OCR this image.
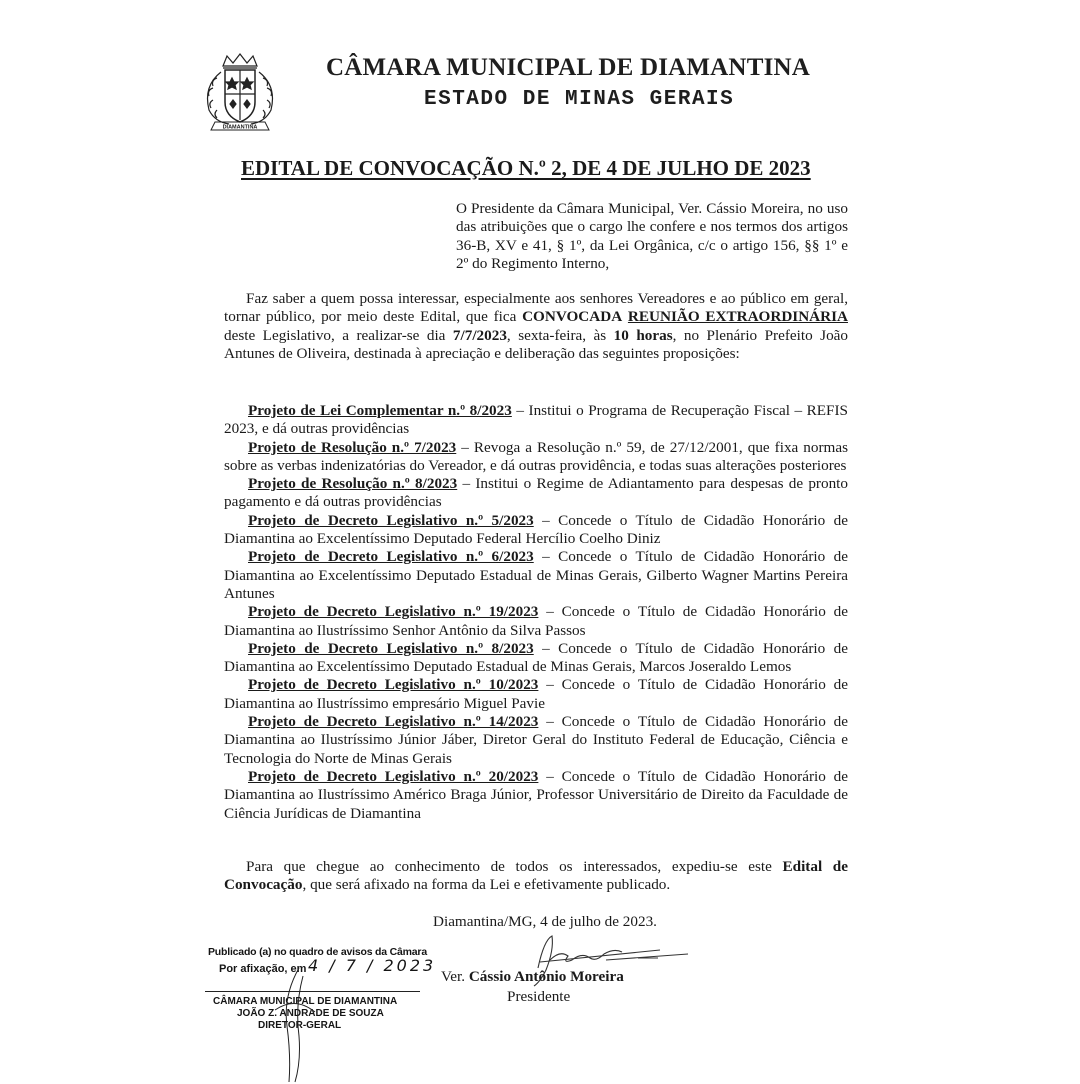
DIAMANTINA
CÂMARA MUNICIPAL DE DIAMANTINA
ESTADO DE MINAS GERAIS
EDITAL DE CONVOCAÇÃO N.º 2, DE 4 DE JULHO DE 2023
O Presidente da Câmara Municipal, Ver. Cássio Moreira, no uso das atribuições que o cargo lhe confere e nos termos dos artigos 36-B, XV e 41, § 1º, da Lei Orgânica, c/c o artigo 156, §§ 1º e 2º do Regimento Interno,
Faz saber a quem possa interessar, especialmente aos senhores Vereadores e ao público em geral, tornar público, por meio deste Edital, que fica CONVOCADA REUNIÃO EXTRAORDINÁRIA deste Legislativo, a realizar-se dia 7/7/2023, sexta-feira, às 10 horas, no Plenário Prefeito João Antunes de Oliveira, destinada à apreciação e deliberação das seguintes proposições:

Projeto de Lei Complementar n.º 8/2023 – Institui o Programa de Recuperação Fiscal – REFIS 2023, e dá outras providências

Projeto de Resolução n.º 7/2023 – Revoga a Resolução n.º 59, de 27/12/2001, que fixa normas sobre as verbas indenizatórias do Vereador, e dá outras providência, e todas suas alterações posteriores

Projeto de Resolução n.º 8/2023 – Institui o Regime de Adiantamento para despesas de pronto pagamento e dá outras providências

Projeto de Decreto Legislativo n.º 5/2023 – Concede o Título de Cidadão Honorário de Diamantina ao Excelentíssimo Deputado Federal Hercílio Coelho Diniz

Projeto de Decreto Legislativo n.º 6/2023 – Concede o Título de Cidadão Honorário de Diamantina ao Excelentíssimo Deputado Estadual de Minas Gerais, Gilberto Wagner Martins Pereira Antunes

Projeto de Decreto Legislativo n.º 19/2023 – Concede o Título de Cidadão Honorário de Diamantina ao Ilustríssimo Senhor Antônio da Silva Passos

Projeto de Decreto Legislativo n.º 8/2023 – Concede o Título de Cidadão Honorário de Diamantina ao Excelentíssimo Deputado Estadual de Minas Gerais, Marcos Joseraldo Lemos

Projeto de Decreto Legislativo n.º 10/2023 – Concede o Título de Cidadão Honorário de Diamantina ao Ilustríssimo empresário Miguel Pavie

Projeto de Decreto Legislativo n.º 14/2023 – Concede o Título de Cidadão Honorário de Diamantina ao Ilustríssimo Júnior Jáber, Diretor Geral do Instituto Federal de Educação, Ciência e Tecnologia do Norte de Minas Gerais

Projeto de Decreto Legislativo n.º 20/2023 – Concede o Título de Cidadão Honorário de Diamantina ao Ilustríssimo Américo Braga Júnior, Professor Universitário de Direito da Faculdade de Ciência Jurídicas de Diamantina

Para que chegue ao conhecimento de todos os interessados, expediu-se este Edital de Convocação, que será afixado na forma da Lei e efetivamente publicado.
Diamantina/MG, 4 de julho de 2023.
Ver. Cássio Antônio Moreira
Presidente
Publicado (a) no quadro de avisos da Câmara
Por afixação, em 4 / 7 / 2023
CÂMARA MUNICIPAL DE DIAMANTINA
JOÃO Z. ANDRADE DE SOUZA
DIRETOR-GERAL
